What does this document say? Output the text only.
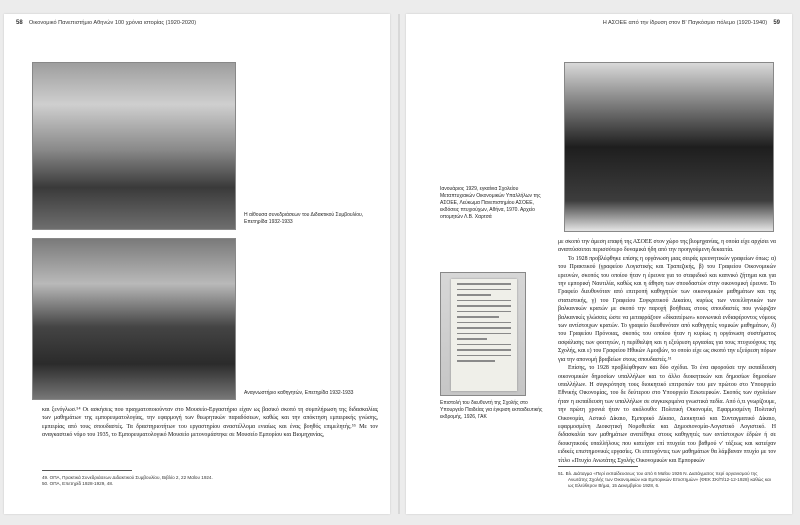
58 Οικονομικό Πανεπιστήμιο Αθηνών 100 χρόνια ιστορίας (1920-2020)
Η αίθουσα συνεδριάσεων του Διδακτικού Συμβουλίου, Επετηρίδα 1932-1933
Αναγνωστήριο καθηγητών, Επετηρίδα 1932-1933

και ξενόγλωσ.⁵⁴ Οι ασκήσεις που πραγματοποιούνταν στο Μουσείο-Εργαστήριο είχαν ως βασικό σκοπό τη συμπλήρωση της διδασκαλίας των μαθημάτων της εμπορευματολογίας, την εφαρμογή των θεωρητικών παραδόσεων, καθώς και την απόκτηση εμπειρικής γνώσης, εμπειρίας από τους σπουδαστές. Τα δραστηριοτήτων του εργαστηρίου αναστέλλομα ενιαίως και ένας βοηθός επιμελητής.⁵⁵ Με τον αναγκαστικό νόμο του 1935, το Εμπορευματολογικό Μουσείο μετονομάστηκε σε Μουσείο Εμπορίου και Βιομηχανίας,

49. ΟΠΑ, Πρακτικά Συνεδριάσεων Διδακτικού Συμβουλίου, Βιβλίο 2, 22 Μαΐου 1924.
50. ΟΠΑ, Επετηρίδ 1928-1929, 48.
Η ΑΣΟΕΕ από την ίδρυση στον Β' Παγκόσμιο πόλεμο (1920-1940) 59
Ιανουάριος 1929, εγκαίνια Σχολείου Μεταπτυχιακών Οικονομικών Υπαλλήλων της ΑΣΟΕΕ, Λεύκωμα Πανεπιστημίου ΑΣΟΕΕ, εκδόσεις πτυχιούχων, Αθήνα, 1970. Αρχείο οπομητών Λ.Β. Χαρτσά
Επιστολή του διευθυντή της Σχολής στο Υπουργείο Παιδείας για έγκριση εκπαιδευτικής εκδρομής, 1926, ΓΑΚ

με σκοπό την άμεση επαφή της ΑΣΟΕΕ στον χώρο της βιομηχανίας, η οποία είχε αρχίσει να αναπτύσσεται περισσότερο δυναμικά ήδη από την προηγούμενη δεκαετία.

Το 1928 προβλέφθηκε επίσης η οργάνωση μιας σειράς ερευνητικών γραφείων όπως: α) του Πρακτικού (γραφείου Λογιστικής και Τραπεζικής, β) του Γραφείου Οικονομικών ερευνών, σκοπός του οποίου ήταν η έρευνα για το σταφιδικό και καπνικό ζήτημα και για την εμπορική Ναυτιλία, καθώς και η άθηση των σπουδαστών στην οικονομική έρευνα. Το Γραφείο διευθυνόταν από επιτροπή καθηγητών των οικονομικών μαθημάτων και της στατιστικής, γ) του Γραφείου Συγκριτικού Δικαίου, κυρίως των νεοελληνικών των βαλκανικών κρατών με σκοπό την παροχή βοήθειας στους σπουδαστές που γνώριζαν βαλκανικές γλώσσες ώστε να μεταφράζουν «δίκαιτέρων» κοινωνικά ενδιαφέροντος νόμους των αντίστοιχων κρατών. Το γραφείο διευθυνόταν από καθηγητές νομικών μαθημάτων, δ) του Γραφείου Πρόνοιας, σκοπός του οποίου ήταν η κυρίως η οργάνωση συστήματος ασφάλισης των φοιτητών, η περίθαλψη και η εξεύρεση εργασίας για τους πτυχιούχους της Σχολής, και ε) του Γραφείου Ηθικών Αμοιβών, το οποίο είχε ως σκοπό την εξεύρεση πόρων για την απονομή βραβείων στους σπουδαστές.⁵¹

Επίσης, το 1928 προβλέφθηκαν και δύο σχέδια. Το ένα αφορούσε την εκπαίδευση οικονομικών δημοσίων υπαλλήλων και το άλλο διοικητικών και δημοσίων δημοσίων υπαλλήλων. Η συγκρότηση τους διοικητικό επιτροπών του μεν πρώτου στο Υπουργείο Εθνικής Οικονομίας, του δε δεύτερου στο Υπουργείο Εσωτερικών. Σκοπός των σχολείων ήταν η εκπαίδευση των υπαλλήλων σε συγκεκριμένα γνωστικά πεδία. Από ό,τι γνωρίζουμε, την πρώτη χρονιά ήταν το ακόλουθο: Πολιτική Οικονομία, Εφαρμοσμένη Πολιτική Οικονομία, Αστικό Δίκαιο, Εμπορικό Δίκαιο, Διοικητικό και Συνταγματικό Δίκαιο, εφαρμοσμένη Διοικητική Νομοθεσία και Δημοσιονομία-Λογιστικό Λογιστικό. Η διδασκαλία των μαθημάτων ανατέθηκε στους καθηγητές των αντίστοιχων έδρών ή σε διοικητικούς υπαλλήλους που κατείχαν επί πτυχεία του βαθμού ν' τάξεως και κατείχαν ειδικές επιστημονικές εργασίες. Οι επιτυχόντες των μαθημάτων θα λάμβαναν πτυχίο με τον τίτλο «Πτυχίο Ανωτάτης Σχολής Οικονομικών και Εμπορικών

51. Βλ. Διάταγμα «Περί εκπαίδευσεως του από 6 Μαΐου 1926 Ν. Διατάγματος περί οργανισμού της Ανωτάτης Σχολής των Οικονομικών και Εμπορικών Επιστημών» (ΦΕΚ ΣΚ/Π/12-12-1928) καθώς και ως Ελεύθερον Βήμα, 15 Δεκεμβρίου 1928, 6.
